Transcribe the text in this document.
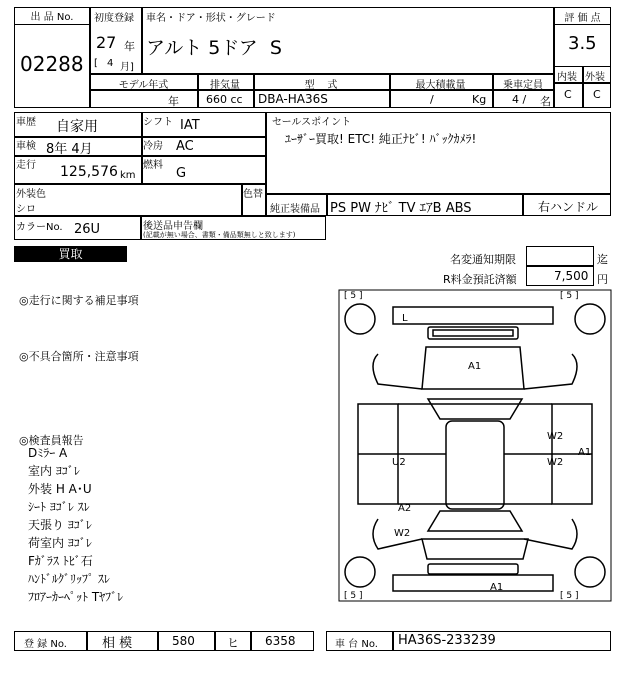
出 品 No.
02288
初度登録
27 年
[ 4 月]
車名・ドア・形状・グレード
アルト 5ドア  S
評 価 点
3.5
内装 外装
C C
モデル年式
年
排気量
660 cc
型    式
DBA-HA36S
最大積載量
/	Kg
乗車定員
4 / 名
車歴 自家用	シフト IAT
車検 8年 4月	冷房 AC
走行 125,576 km
燃料
G
外装色
シロ
色替
カラーNo. 26U	後送品申告欄
(記載が無い場合、書類・備品類無しと致します)
セールスポイント
ﾕｰｻﾞｰ買取! ETC! 純正ﾅﾋﾞ! ﾊﾞｯｸｶﾒﾗ!
純正装備品 PS PW ﾅﾋﾞ TV ｴｱB ABS	右ハンドル
買取	名変通知期限	迄
R料金預託済額	7,500 円
◎走行に関する補足事項
◎不具合箇所・注意事項
◎検査員報告
Dﾐﾗｰ A
室内 ﾖｺﾞﾚ
外装 H A･U
ｼｰﾄ ﾖｺﾞﾚ ｽﾚ
天張り ﾖｺﾞﾚ
荷室内 ﾖｺﾞﾚ
Fｶﾞﾗｽ ﾄﾋﾞ石
ﾊﾝﾄﾞﾙｸﾞﾘｯﾌﾟ ｽﾚ
ﾌﾛｱｰｶｰﾍﾟｯﾄ Tﾔﾌﾞﾚ
[ 5 ]	[ 5 ]
[ 5 ]	[ 5 ]
L
A1
W2
W2
A1
U2
A2
W2
A1
登 録 No.	相 模	580	ヒ 6358	車 台 No. HA36S-233239
